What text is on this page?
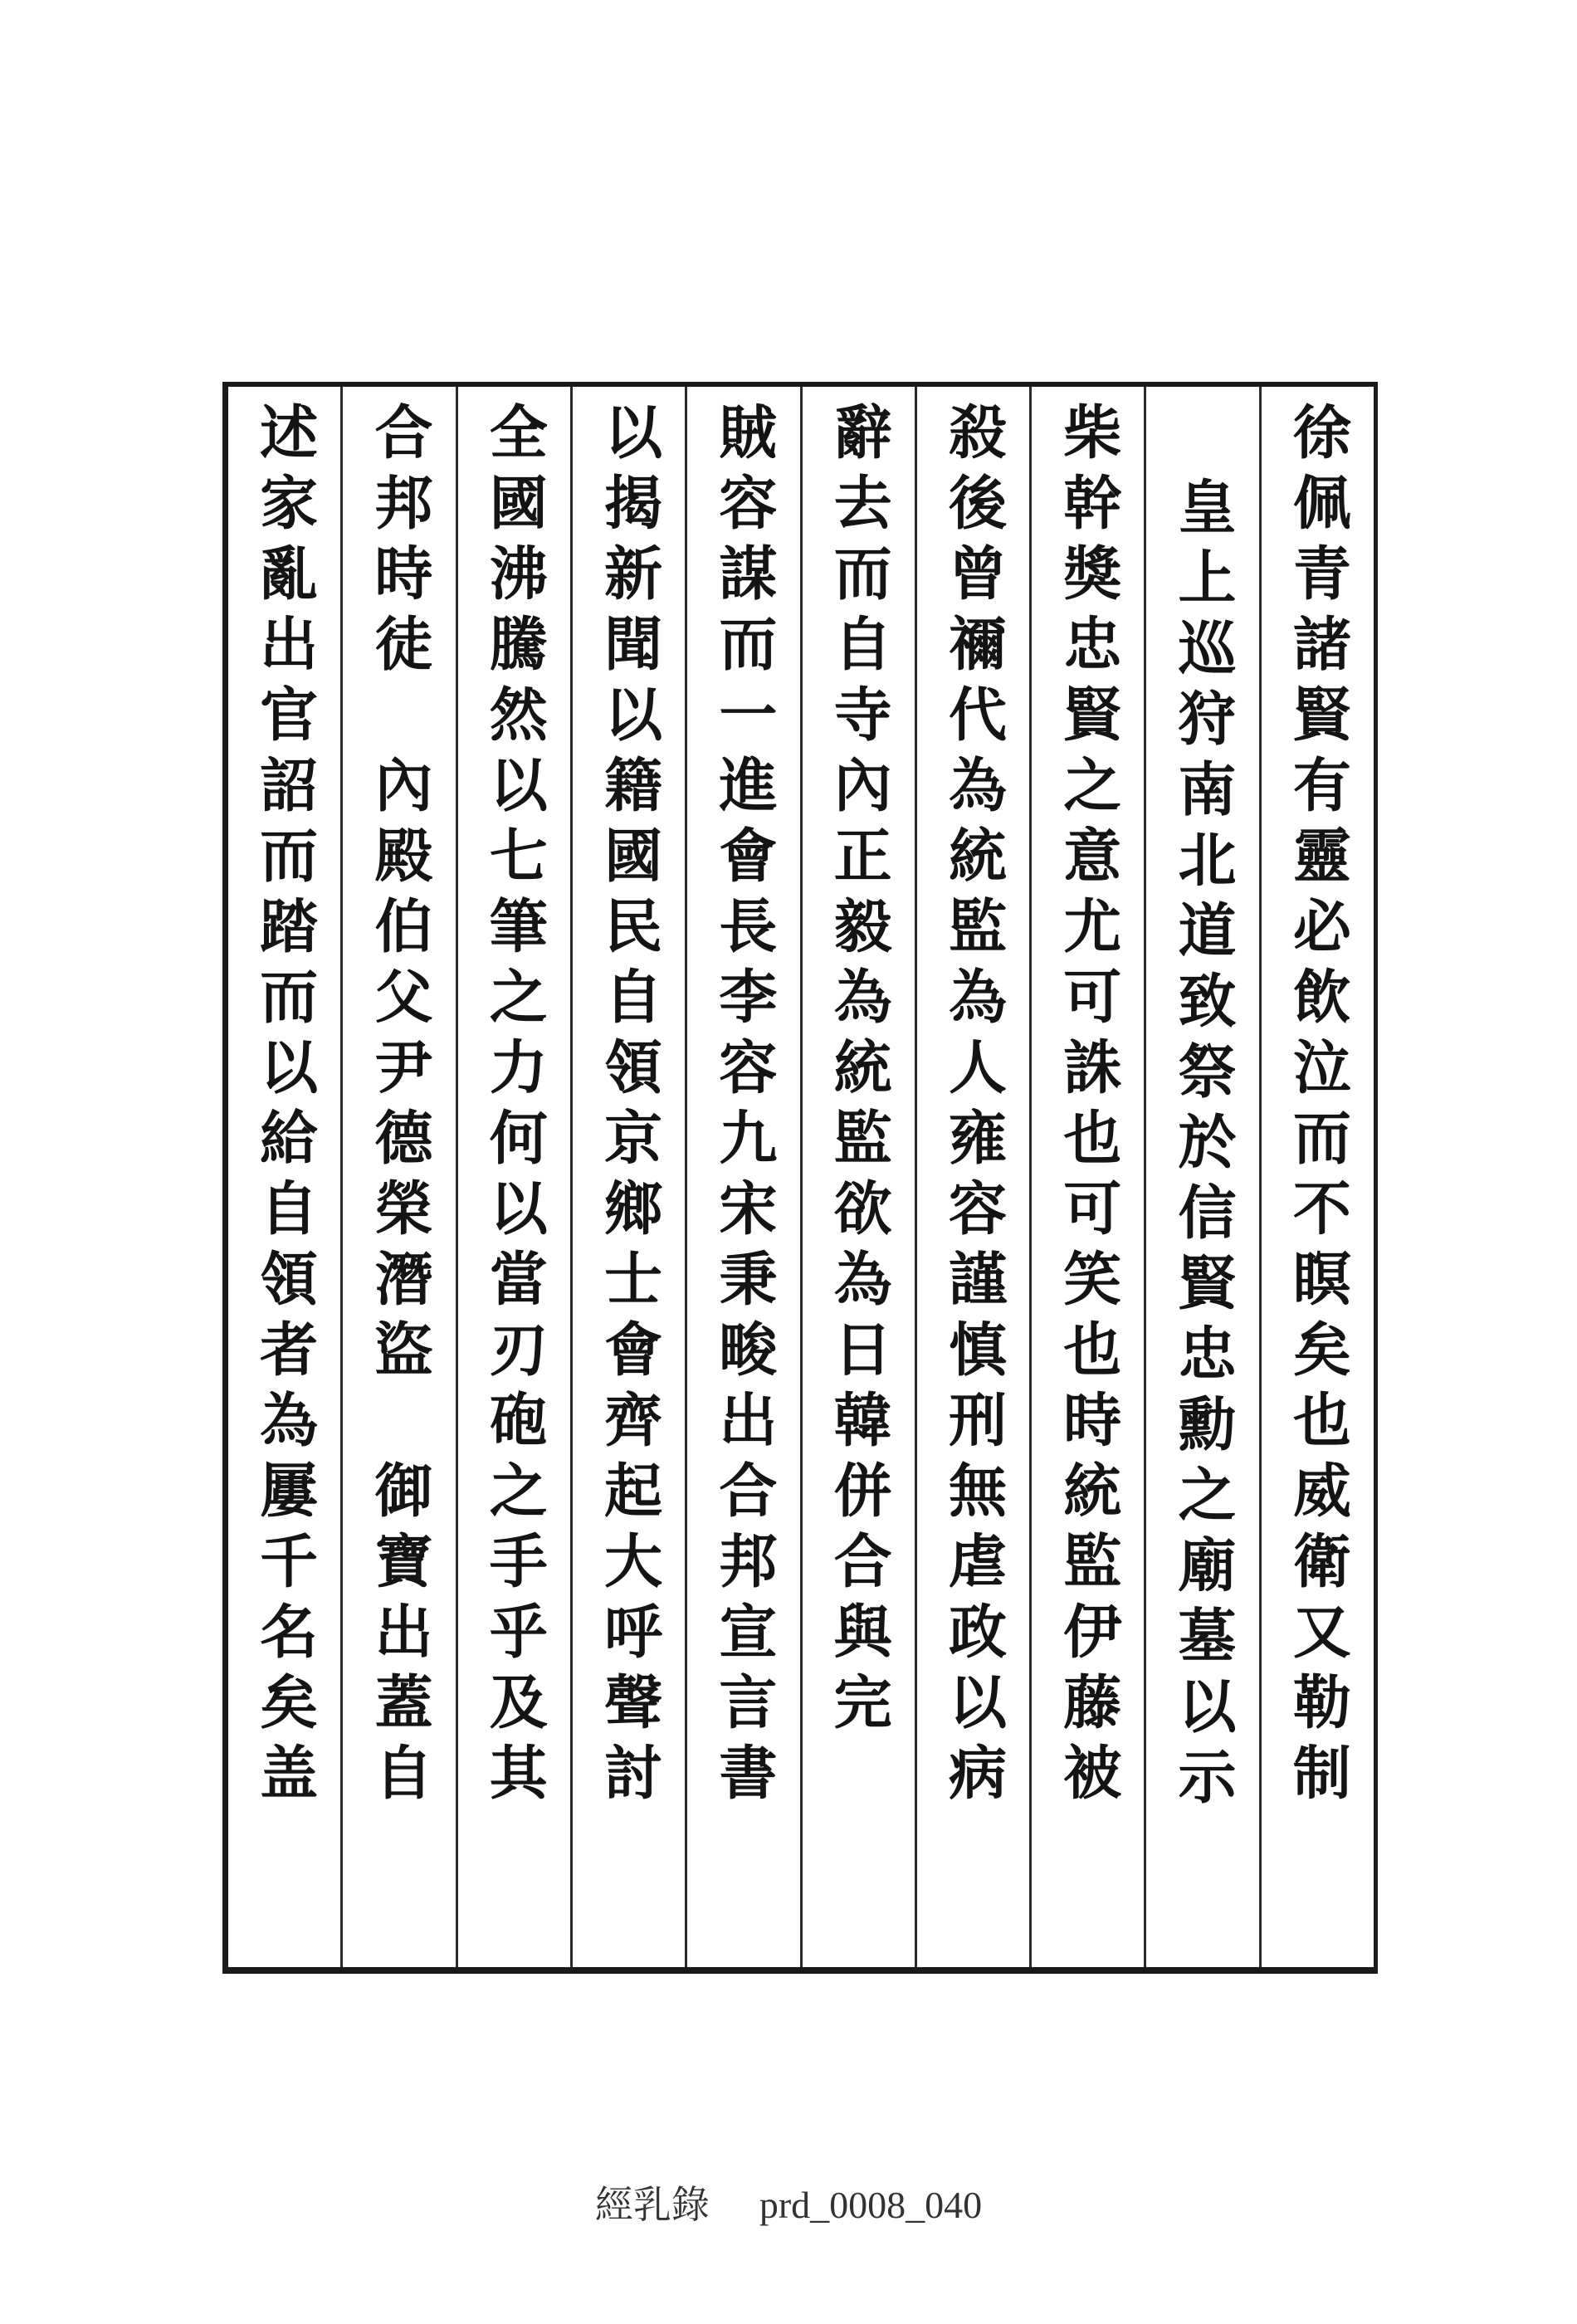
徐佩青諸賢有靈必飲泣而不瞑矣也威衛又勒制
皇上巡狩南北道致祭於信賢忠勳之廟墓以示
柴幹獎忠賢之意尤可誅也可笑也時統監伊藤被
殺後曾禰代為統監為人雍容謹慎刑無虐政以病
辭去而自寺內正毅為統監欲為日韓併合與完
賊容謀而一進會長李容九宋秉畯出合邦宣言書
以揭新聞以籍國民自領京鄉士會齊起大呼聲討
全國沸騰然以七筆之力何以當刃砲之手乎及其
合邦時徒　內殿伯父尹德榮潛盜　御寶出蓋自
述家亂出官詔而踏而以給自領者為屢千名矣盖
經乳錄 prd_0008_040
